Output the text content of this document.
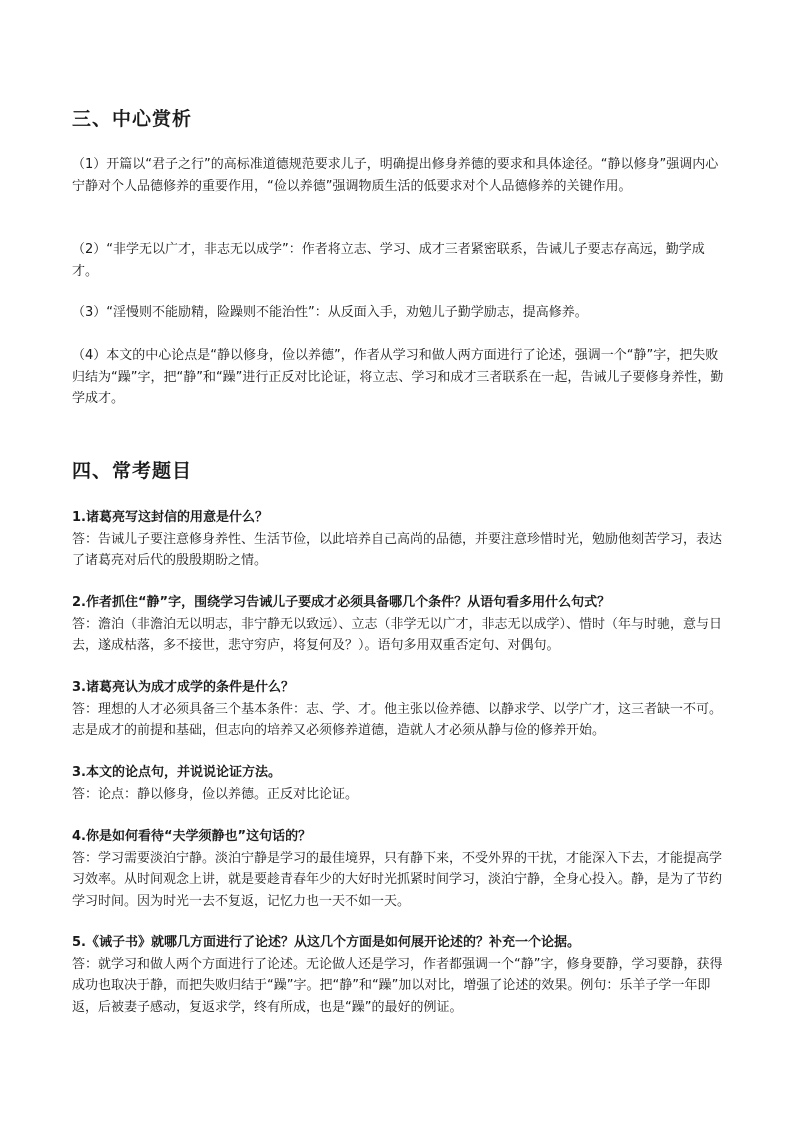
三、中心赏析
（1）开篇以“君子之行”的高标准道德规范要求儿子，明确提出修身养德的要求和具体途径。“静以修身”强调内心宁静对个人品德修养的重要作用，“俭以养德”强调物质生活的低要求对个人品德修养的关键作用。
（2）“非学无以广才，非志无以成学”：作者将立志、学习、成才三者紧密联系，告诫儿子要志存高远，勤学成才。
（3）“淫慢则不能励精，险躁则不能治性”：从反面入手，劝勉儿子勤学励志，提高修养。
（4）本文的中心论点是“静以修身，俭以养德”，作者从学习和做人两方面进行了论述，强调一个“静”字，把失败归结为“躁”字，把“静”和“躁”进行正反对比论证，将立志、学习和成才三者联系在一起，告诫儿子要修身养性，勤学成才。
四、常考题目
1.诸葛亮写这封信的用意是什么？
答：告诫儿子要注意修身养性、生活节俭，以此培养自己高尚的品德，并要注意珍惜时光，勉励他刻苦学习，表达了诸葛亮对后代的殷殷期盼之情。
2.作者抓住“静”字，围绕学习告诫儿子要成才必须具备哪几个条件？从语句看多用什么句式？
答：澹泊（非澹泊无以明志，非宁静无以致远）、立志（非学无以广才，非志无以成学）、惜时（年与时驰，意与日去，遂成枯落，多不接世，悲守穷庐，将复何及？）。语句多用双重否定句、对偶句。
3.诸葛亮认为成才成学的条件是什么？
答：理想的人才必须具备三个基本条件：志、学、才。他主张以俭养德、以静求学、以学广才，这三者缺一不可。志是成才的前提和基础，但志向的培养又必须修养道德，造就人才必须从静与俭的修养开始。
3.本文的论点句，并说说论证方法。
答：论点：静以修身，俭以养德。正反对比论证。
4.你是如何看待“夫学须静也”这句话的？
答：学习需要淡泊宁静。淡泊宁静是学习的最佳境界，只有静下来，不受外界的干扰，才能深入下去，才能提高学习效率。从时间观念上讲，就是要趁青春年少的大好时光抓紧时间学习，淡泊宁静，全身心投入。静，是为了节约学习时间。因为时光一去不复返，记忆力也一天不如一天。
5.《诫子书》就哪几方面进行了论述？从这几个方面是如何展开论述的？补充一个论据。
答：就学习和做人两个方面进行了论述。无论做人还是学习，作者都强调一个“静”字，修身要静，学习要静，获得成功也取决于静，而把失败归结于“躁”字。把“静”和“躁”加以对比，增强了论述的效果。例句：乐羊子学一年即返，后被妻子感动，复返求学，终有所成，也是“躁”的最好的例证。
